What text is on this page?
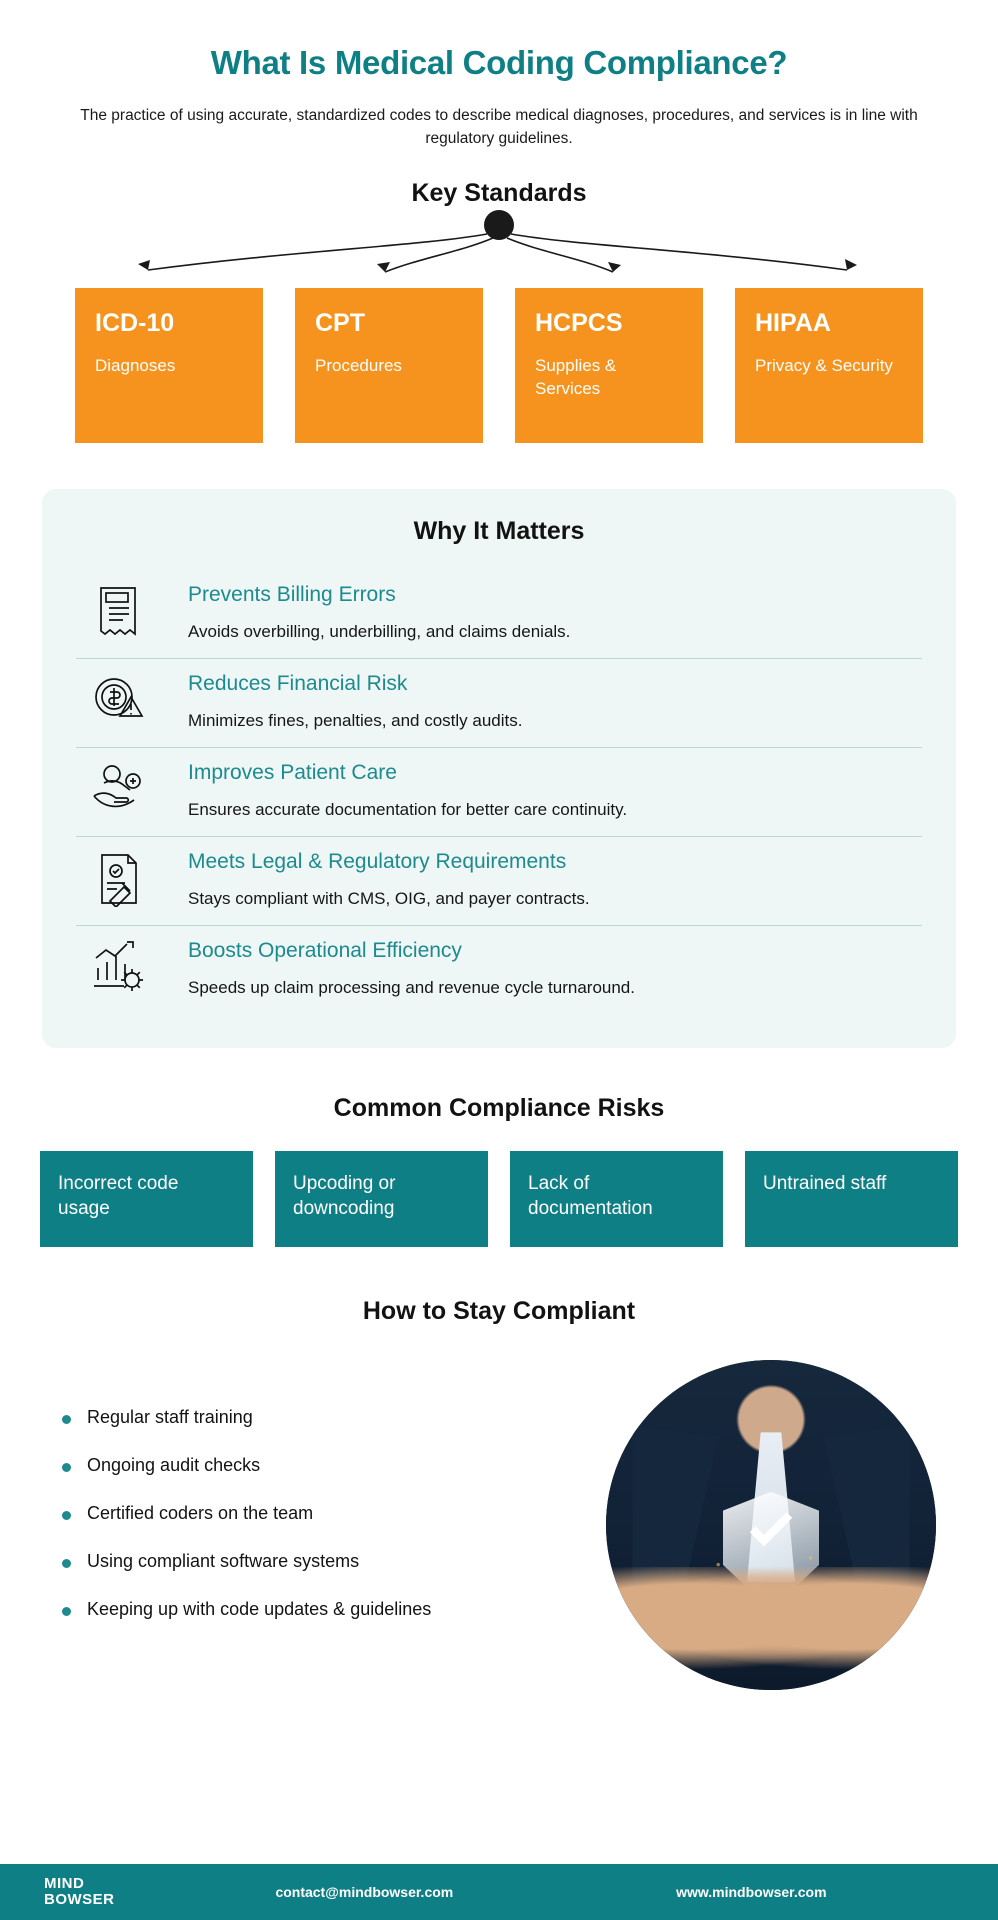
What Is Medical Coding Compliance?
The practice of using accurate, standardized codes to describe medical diagnoses, procedures, and services is in line with regulatory guidelines.
Key Standards
ICD-10
Diagnoses
CPT
Procedures
HCPCS
Supplies & Services
HIPAA
Privacy & Security
Why It Matters
Prevents Billing Errors
Avoids overbilling, underbilling, and claims denials.
Reduces Financial Risk
Minimizes fines, penalties, and costly audits.
Improves Patient Care
Ensures accurate documentation for better care continuity.
Meets Legal & Regulatory Requirements
Stays compliant with CMS, OIG, and payer contracts.
Boosts Operational Efficiency
Speeds up claim processing and revenue cycle turnaround.
Common Compliance Risks
Incorrect code usage
Upcoding or downcoding
Lack of documentation
Untrained staff
How to Stay Compliant
Regular staff training
Ongoing audit checks
Certified coders on the team
Using compliant software systems
Keeping up with code updates & guidelines
MIND
BOWSER	contact@mindbowser.com	www.mindbowser.com
